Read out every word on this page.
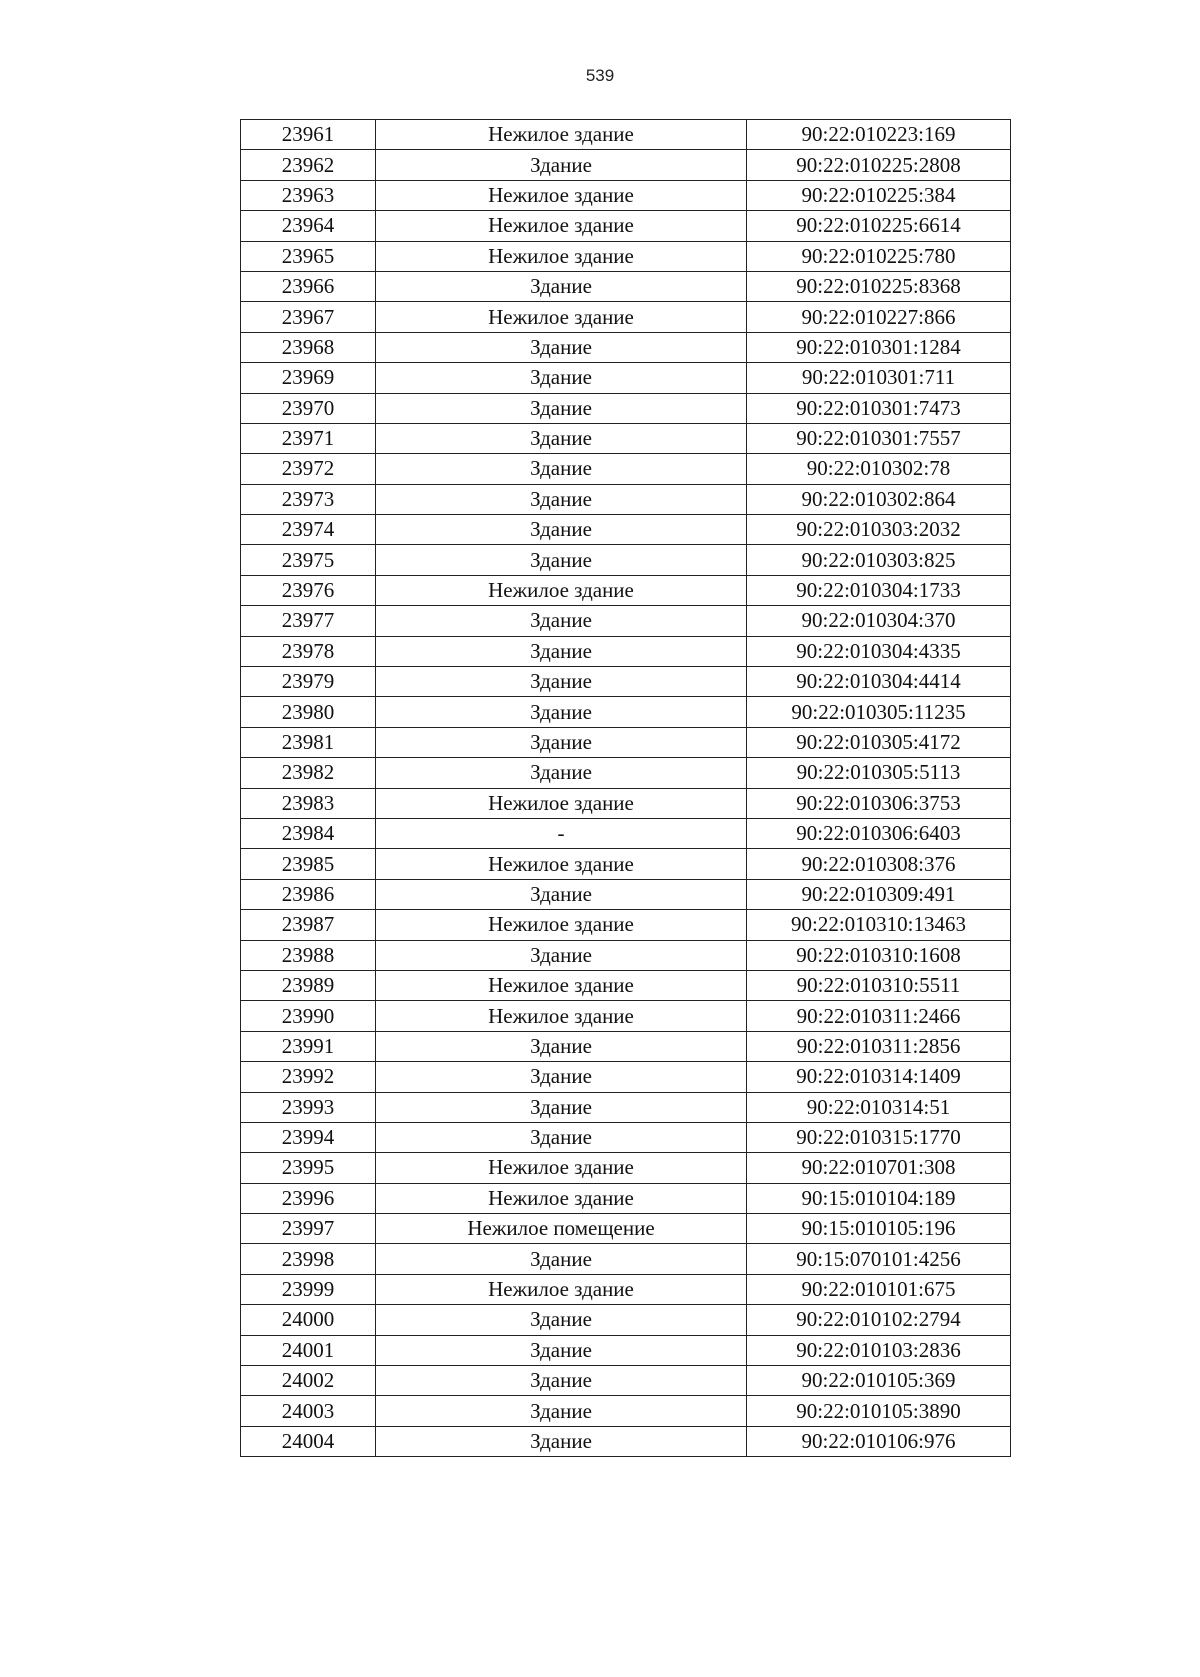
539
23961	Нежилое здание	90:22:010223:169
23962	Здание	90:22:010225:2808
23963	Нежилое здание	90:22:010225:384
23964	Нежилое здание	90:22:010225:6614
23965	Нежилое здание	90:22:010225:780
23966	Здание	90:22:010225:8368
23967	Нежилое здание	90:22:010227:866
23968	Здание	90:22:010301:1284
23969	Здание	90:22:010301:711
23970	Здание	90:22:010301:7473
23971	Здание	90:22:010301:7557
23972	Здание	90:22:010302:78
23973	Здание	90:22:010302:864
23974	Здание	90:22:010303:2032
23975	Здание	90:22:010303:825
23976	Нежилое здание	90:22:010304:1733
23977	Здание	90:22:010304:370
23978	Здание	90:22:010304:4335
23979	Здание	90:22:010304:4414
23980	Здание	90:22:010305:11235
23981	Здание	90:22:010305:4172
23982	Здание	90:22:010305:5113
23983	Нежилое здание	90:22:010306:3753
23984	-	90:22:010306:6403
23985	Нежилое здание	90:22:010308:376
23986	Здание	90:22:010309:491
23987	Нежилое здание	90:22:010310:13463
23988	Здание	90:22:010310:1608
23989	Нежилое здание	90:22:010310:5511
23990	Нежилое здание	90:22:010311:2466
23991	Здание	90:22:010311:2856
23992	Здание	90:22:010314:1409
23993	Здание	90:22:010314:51
23994	Здание	90:22:010315:1770
23995	Нежилое здание	90:22:010701:308
23996	Нежилое здание	90:15:010104:189
23997	Нежилое помещение	90:15:010105:196
23998	Здание	90:15:070101:4256
23999	Нежилое здание	90:22:010101:675
24000	Здание	90:22:010102:2794
24001	Здание	90:22:010103:2836
24002	Здание	90:22:010105:369
24003	Здание	90:22:010105:3890
24004	Здание	90:22:010106:976
